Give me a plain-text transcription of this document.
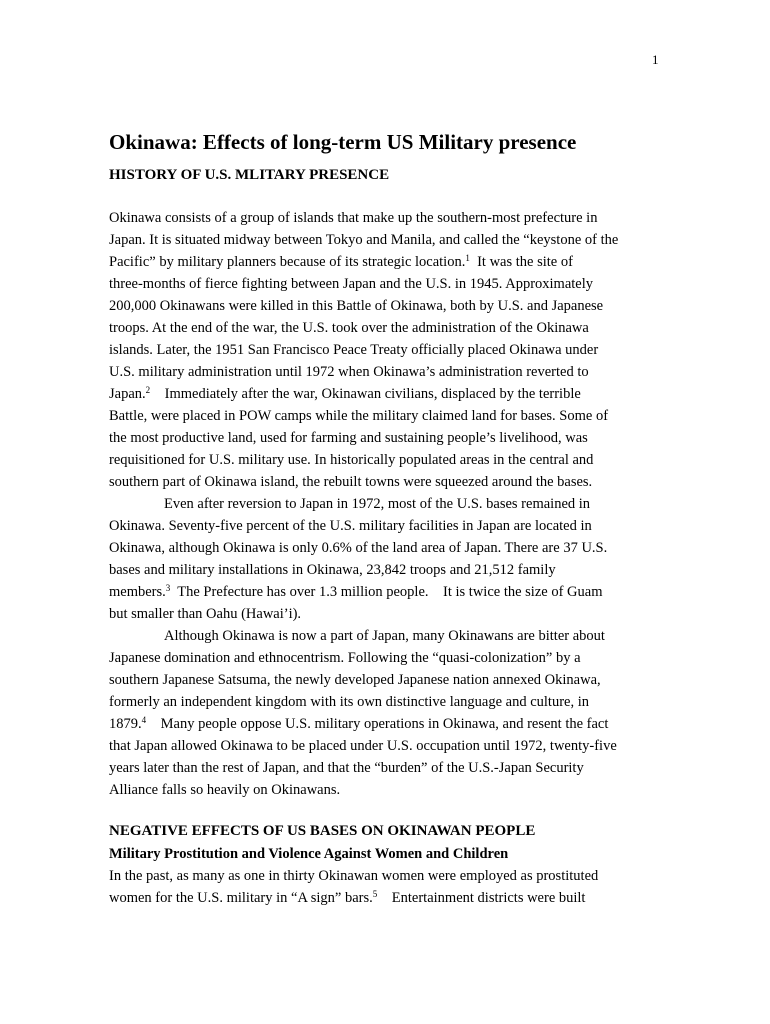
1
Okinawa: Effects of long-term US Military presence
HISTORY OF U.S. MLITARY PRESENCE
Okinawa consists of a group of islands that make up the southern-most prefecture in
Japan. It is situated midway between Tokyo and Manila, and called the “keystone of the
Pacific” by military planners because of its strategic location.$^1$  It was the site of
three-months of fierce fighting between Japan and the U.S. in 1945. Approximately
200,000 Okinawans were killed in this Battle of Okinawa, both by U.S. and Japanese
troops. At the end of the war, the U.S. took over the administration of the Okinawa
islands. Later, the 1951 San Francisco Peace Treaty officially placed Okinawa under
U.S. military administration until 1972 when Okinawa’s administration reverted to
Japan.$^2$    Immediately after the war, Okinawan civilians, displaced by the terrible
Battle, were placed in POW camps while the military claimed land for bases. Some of
the most productive land, used for farming and sustaining people’s livelihood, was
requisitioned for U.S. military use. In historically populated areas in the central and
southern part of Okinawa island, the rebuilt towns were squeezed around the bases.
Even after reversion to Japan in 1972, most of the U.S. bases remained in
Okinawa. Seventy-five percent of the U.S. military facilities in Japan are located in
Okinawa, although Okinawa is only 0.6% of the land area of Japan. There are 37 U.S.
bases and military installations in Okinawa, 23,842 troops and 21,512 family
members.$^3$  The Prefecture has over 1.3 million people.    It is twice the size of Guam
but smaller than Oahu (Hawai’i).
Although Okinawa is now a part of Japan, many Okinawans are bitter about
Japanese domination and ethnocentrism. Following the “quasi-colonization” by a
southern Japanese Satsuma, the newly developed Japanese nation annexed Okinawa,
formerly an independent kingdom with its own distinctive language and culture, in
1879.$^4$    Many people oppose U.S. military operations in Okinawa, and resent the fact
that Japan allowed Okinawa to be placed under U.S. occupation until 1972, twenty-five
years later than the rest of Japan, and that the “burden” of the U.S.-Japan Security
Alliance falls so heavily on Okinawans.
NEGATIVE EFFECTS OF US BASES ON OKINAWAN PEOPLE
Military Prostitution and Violence Against Women and Children
In the past, as many as one in thirty Okinawan women were employed as prostituted
women for the U.S. military in “A sign” bars.$^5$    Entertainment districts were built
